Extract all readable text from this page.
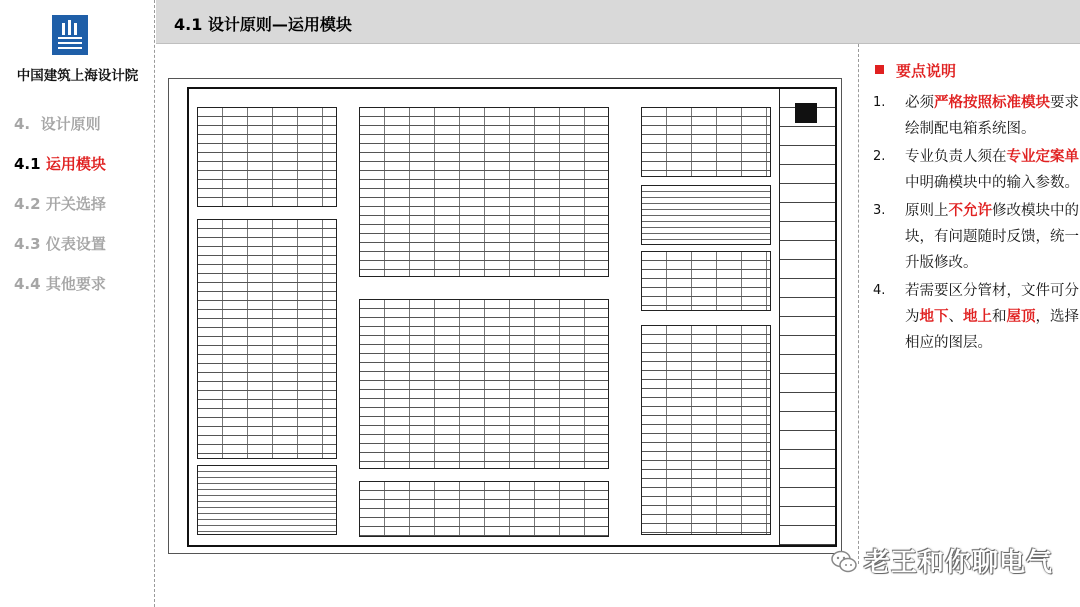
中国建筑上海设计院
4. 设计原则
4.1 运用模块
4.2 开关选择
4.3 仪表设置
4.4 其他要求
4.1 设计原则—运用模块
要点说明
1. 必须严格按照标准模块要求绘制配电箱系统图。
2. 专业负责人须在专业定案单中明确模块中的输入参数。
3. 原则上不允许修改模块中的块，有问题随时反馈，统一升版修改。
4. 若需要区分管材，文件可分为地下、地上和屋顶，选择相应的图层。
老王和你聊电气
